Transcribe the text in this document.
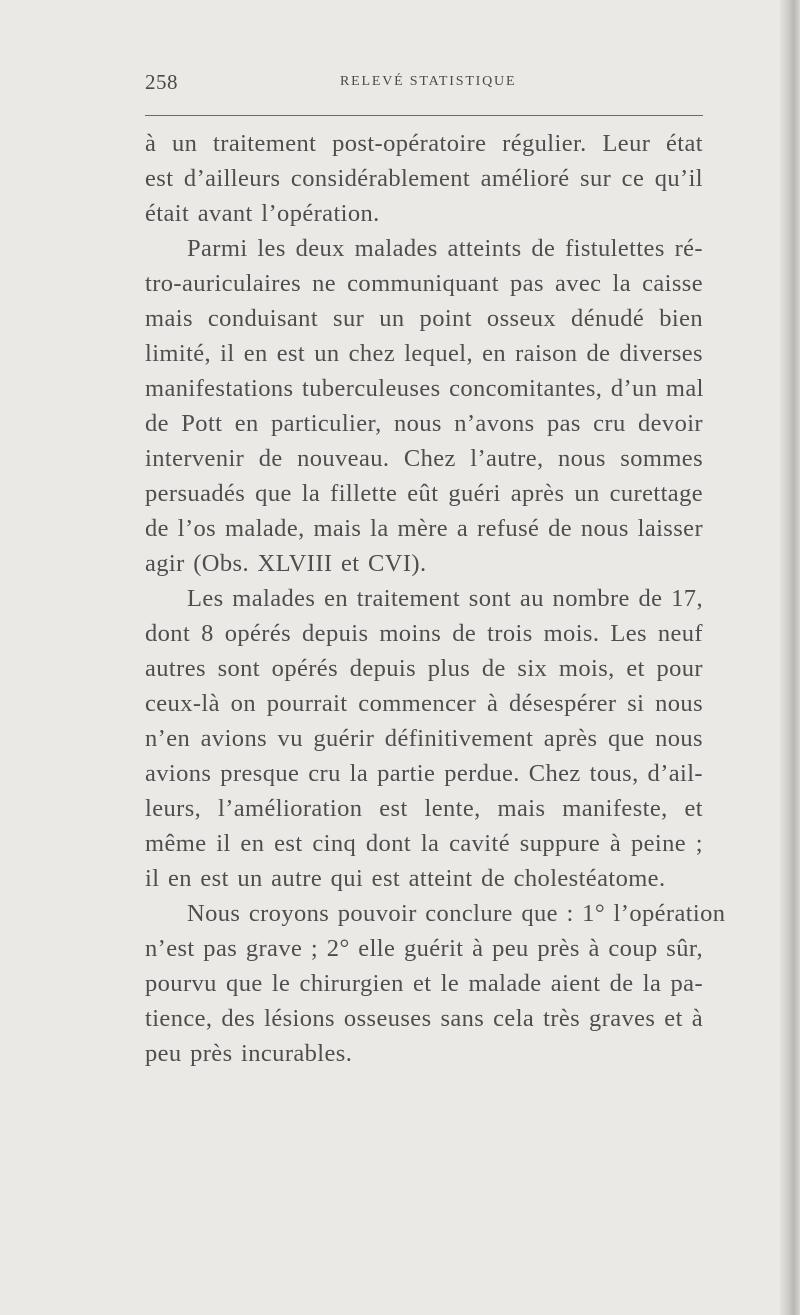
258	RELEVÉ STATISTIQUE
à un traitement post-opératoire régulier. Leur état
est d’ailleurs considérablement amélioré sur ce qu’il
était avant l’opération.
Parmi les deux malades atteints de fistulettes ré-
tro-auriculaires ne communiquant pas avec la caisse
mais conduisant sur un point osseux dénudé bien
limité, il en est un chez lequel, en raison de diverses
manifestations tuberculeuses concomitantes, d’un mal
de Pott en particulier, nous n’avons pas cru devoir
intervenir de nouveau. Chez l’autre, nous sommes
persuadés que la fillette eût guéri après un curettage
de l’os malade, mais la mère a refusé de nous laisser
agir (Obs. XLVIII et CVI).
Les malades en traitement sont au nombre de 17,
dont 8 opérés depuis moins de trois mois. Les neuf
autres sont opérés depuis plus de six mois, et pour
ceux-là on pourrait commencer à désespérer si nous
n’en avions vu guérir définitivement après que nous
avions presque cru la partie perdue. Chez tous, d’ail-
leurs, l’amélioration est lente, mais manifeste, et
même il en est cinq dont la cavité suppure à peine ;
il en est un autre qui est atteint de cholestéatome.
Nous croyons pouvoir conclure que : 1° l’opération
n’est pas grave ; 2° elle guérit à peu près à coup sûr,
pourvu que le chirurgien et le malade aient de la pa-
tience, des lésions osseuses sans cela très graves et à
peu près incurables.
